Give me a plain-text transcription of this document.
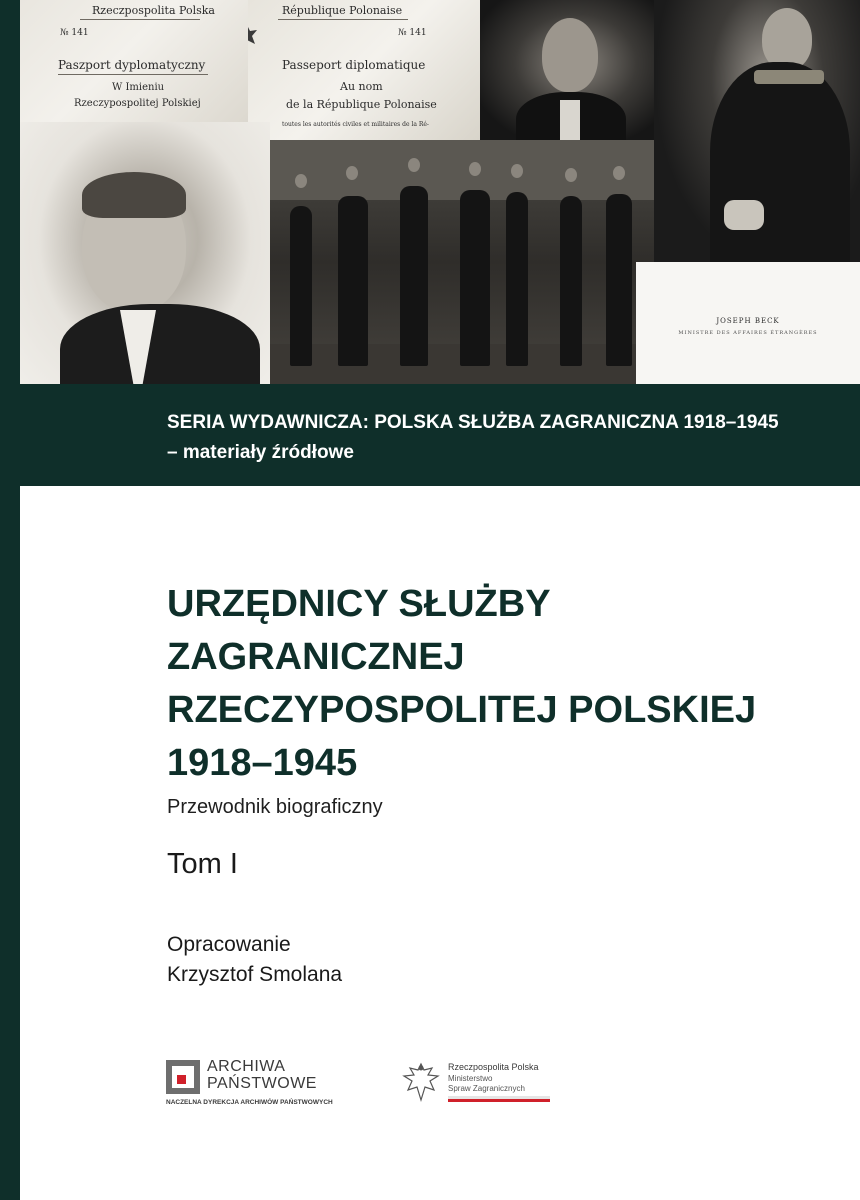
Rzeczpospolita Polska
№ 141
Paszport dyplomatyczny
W Imieniu
Rzeczypospolitej Polskiej
République Polonaise
№ 141
Passeport diplomatique
Au nom
de la République Polonaise
toutes les autorités civiles et militaires de la Ré-
JOSEPH BECK
MINISTRE DES AFFAIRES ÉTRANGÈRES
SERIA WYDAWNICZA: POLSKA SŁUŻBA ZAGRANICZNA 1918–1945
– materiały źródłowe
URZĘDNICY SŁUŻBY
ZAGRANICZNEJ
RZECZYPOSPOLITEJ POLSKIEJ
1918–1945
Przewodnik biograficzny
Tom I
Opracowanie
Krzysztof Smolana
ARCHIWA
PAŃSTWOWE
NACZELNA DYREKCJA ARCHIWÓW PAŃSTWOWYCH
Rzeczpospolita Polska
Ministerstwo
Spraw Zagranicznych
